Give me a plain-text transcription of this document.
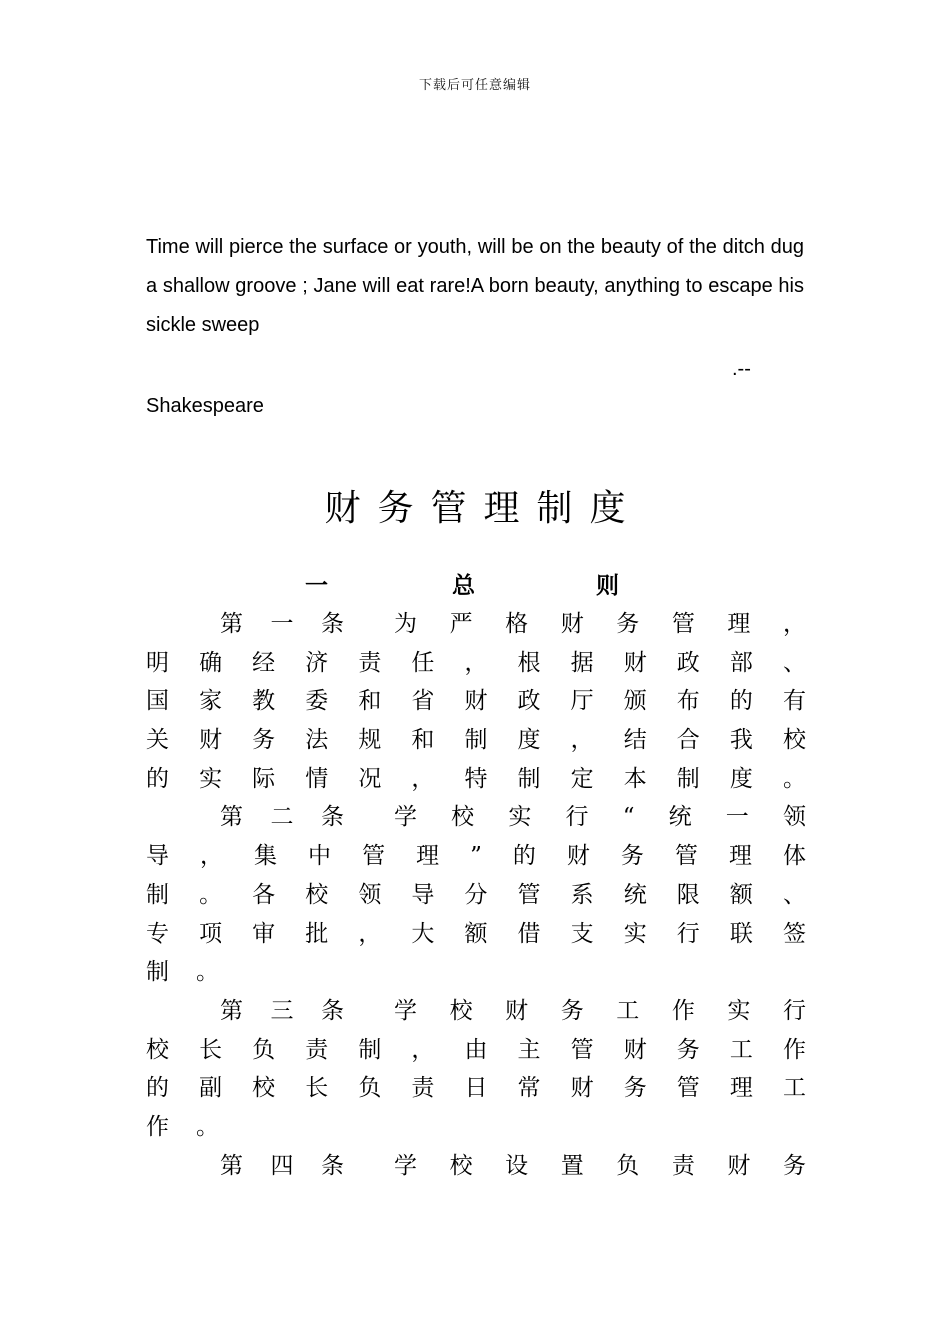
下载后可任意编辑
Time will pierce the surface or youth, will be on the beauty of the ditch dug a shallow groove ; Jane will eat rare!A born beauty, anything to escape his sickle sweep
.--
Shakespeare
财务管理制度
一	总	则
第 一 条 为 严 格 财 务 管 理 ，
明 确 经 济 责 任 ， 根 据 财 政 部 、
国 家 教 委 和 省 财 政 厅 颁 布 的 有
关 财 务 法 规 和 制 度 ， 结 合 我 校
的 实 际 情 况 ， 特 制 定 本 制 度 。
第 二 条 学 校 实 行 “ 统 一 领
导 ， 集 中 管 理 ” 的 财 务 管 理 体
制 。 各 校 领 导 分 管 系 统 限 额 、
专 项 审 批 ， 大 额 借 支 实 行 联 签
制 。
第 三 条 学 校 财 务 工 作 实 行
校 长 负 责 制 ， 由 主 管 财 务 工 作
的 副 校 长 负 责 日 常 财 务 管 理 工
作 。
第 四 条 学 校 设 置 负 责 财 务
